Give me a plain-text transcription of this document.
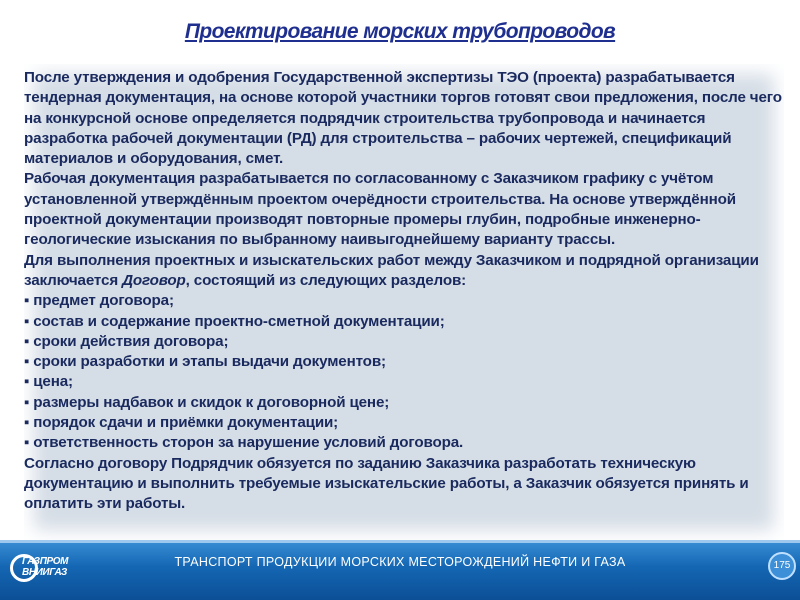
Проектирование морских трубопроводов

После утверждения и одобрения Государственной экспертизы ТЭО (проекта) разрабатывается тендерная документация, на основе которой участники торгов готовят свои предложения, после чего на конкурсной основе определяется подрядчик строительства трубопровода и начинается разработка рабочей документации (РД) для строительства – рабочих чертежей, спецификаций материалов и оборудования, смет.

Рабочая документация разрабатывается по согласованному с Заказчиком графику с учётом установленной утверждённым проектом очерёдности строительства. На основе утверждённой проектной документации производят повторные промеры глубин, подробные инженерно-геологические изыскания по выбранному наивыгоднейшему варианту трассы.

Для выполнения проектных и изыскательских работ между Заказчиком и подрядной организации заключается Договор, состоящий из следующих разделов:

▪ предмет договора;
▪ состав и содержание проектно-сметной документации;
▪ сроки действия договора;
▪ сроки разработки и этапы выдачи документов;
▪ цена;
▪ размеры надбавок и скидок к договорной цене;
▪ порядок сдачи и приёмки документации;
▪ ответственность сторон за нарушение условий договора.

Согласно договору Подрядчик обязуется по заданию Заказчика разработать техническую документацию и выполнить требуемые изыскательские работы, а Заказчик обязуется принять и оплатить эти работы.

ГАЗПРОМ
ВНИИГАЗ
ТРАНСПОРТ ПРОДУКЦИИ МОРСКИХ МЕСТОРОЖДЕНИЙ НЕФТИ И ГАЗА	175
